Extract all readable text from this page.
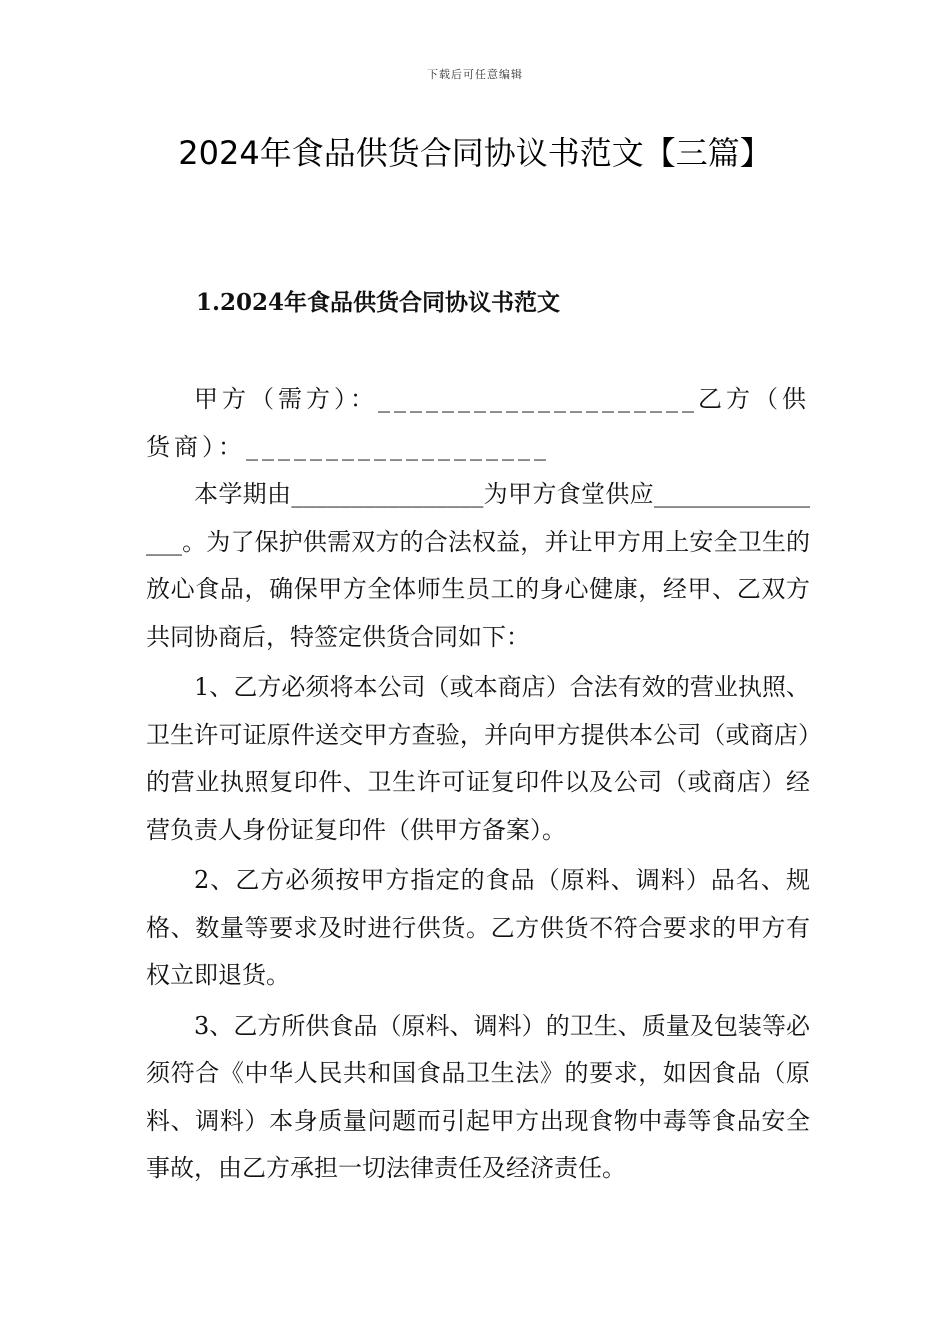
下载后可任意编辑
2024年食品供货合同协议书范文【三篇】
1.2024年食品供货合同协议书范文

甲方（需方）：____________________乙方（供货商）：___________________

本学期由________________为甲方食堂供应________________。为了保护供需双方的合法权益，并让甲方用上安全卫生的放心食品，确保甲方全体师生员工的身心健康，经甲、乙双方共同协商后，特签定供货合同如下：

1、乙方必须将本公司（或本商店）合法有效的营业执照、卫生许可证原件送交甲方查验，并向甲方提供本公司（或商店）的营业执照复印件、卫生许可证复印件以及公司（或商店）经营负责人身份证复印件（供甲方备案）。

2、乙方必须按甲方指定的食品（原料、调料）品名、规格、数量等要求及时进行供货。乙方供货不符合要求的甲方有权立即退货。

3、乙方所供食品（原料、调料）的卫生、质量及包装等必须符合《中华人民共和国食品卫生法》的要求，如因食品（原料、调料）本身质量问题而引起甲方出现食物中毒等食品安全事故，由乙方承担一切法律责任及经济责任。
